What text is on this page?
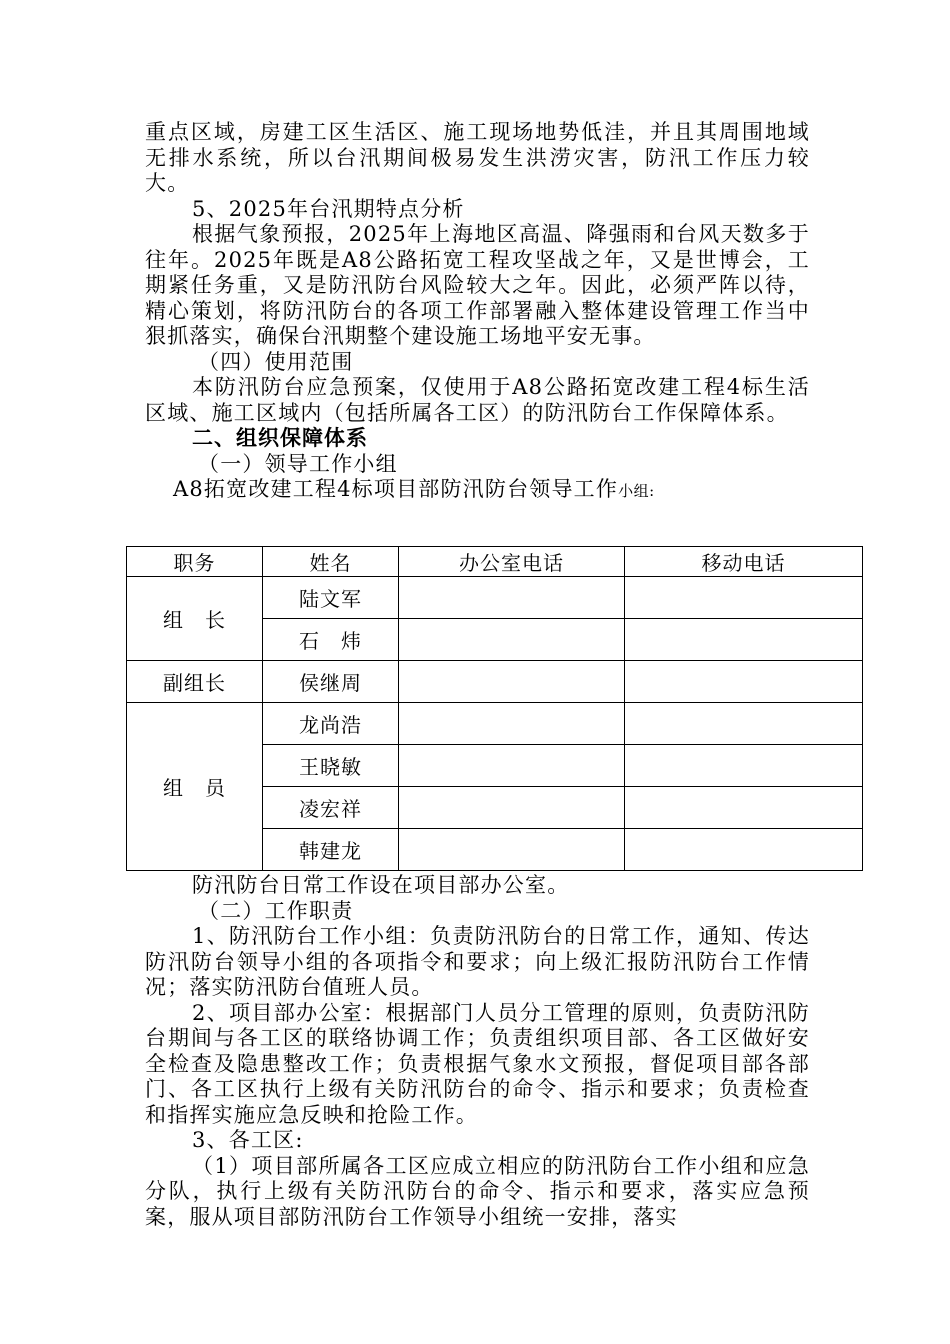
重点区域，房建工区生活区、施工现场地势低洼，并且其周围地域无排水系统，所以台汛期间极易发生洪涝灾害，防汛工作压力较大。

5、2025年台汛期特点分析

根据气象预报，2025年上海地区高温、降强雨和台风天数多于往年。2025年既是A8公路拓宽工程攻坚战之年，又是世博会，工期紧任务重，又是防汛防台风险较大之年。因此，必须严阵以待，精心策划，将防汛防台的各项工作部署融入整体建设管理工作当中狠抓落实，确保台汛期整个建设施工场地平安无事。

（四）使用范围

本防汛防台应急预案，仅使用于A8公路拓宽改建工程4标生活区域、施工区域内（包括所属各工区）的防汛防台工作保障体系。

二、组织保障体系

（一）领导工作小组

A8拓宽改建工程4标项目部防汛防台领导工作小组:

职务	姓名	办公室电话	移动电话
组　长	陆文军		
	石　炜		
副组长	侯继周		
组　员	龙尚浩		
	王晓敏		
	凌宏祥		
	韩建龙		

防汛防台日常工作设在项目部办公室。

（二）工作职责

1、防汛防台工作小组：负责防汛防台的日常工作，通知、传达防汛防台领导小组的各项指令和要求；向上级汇报防汛防台工作情况；落实防汛防台值班人员。

2、项目部办公室：根据部门人员分工管理的原则，负责防汛防台期间与各工区的联络协调工作；负责组织项目部、各工区做好安全检查及隐患整改工作；负责根据气象水文预报，督促项目部各部门、各工区执行上级有关防汛防台的命令、指示和要求；负责检查和指挥实施应急反映和抢险工作。

3、各工区:

（1）项目部所属各工区应成立相应的防汛防台工作小组和应急分队，执行上级有关防汛防台的命令、指示和要求，落实应急预案，服从项目部防汛防台工作领导小组统一安排，落实
